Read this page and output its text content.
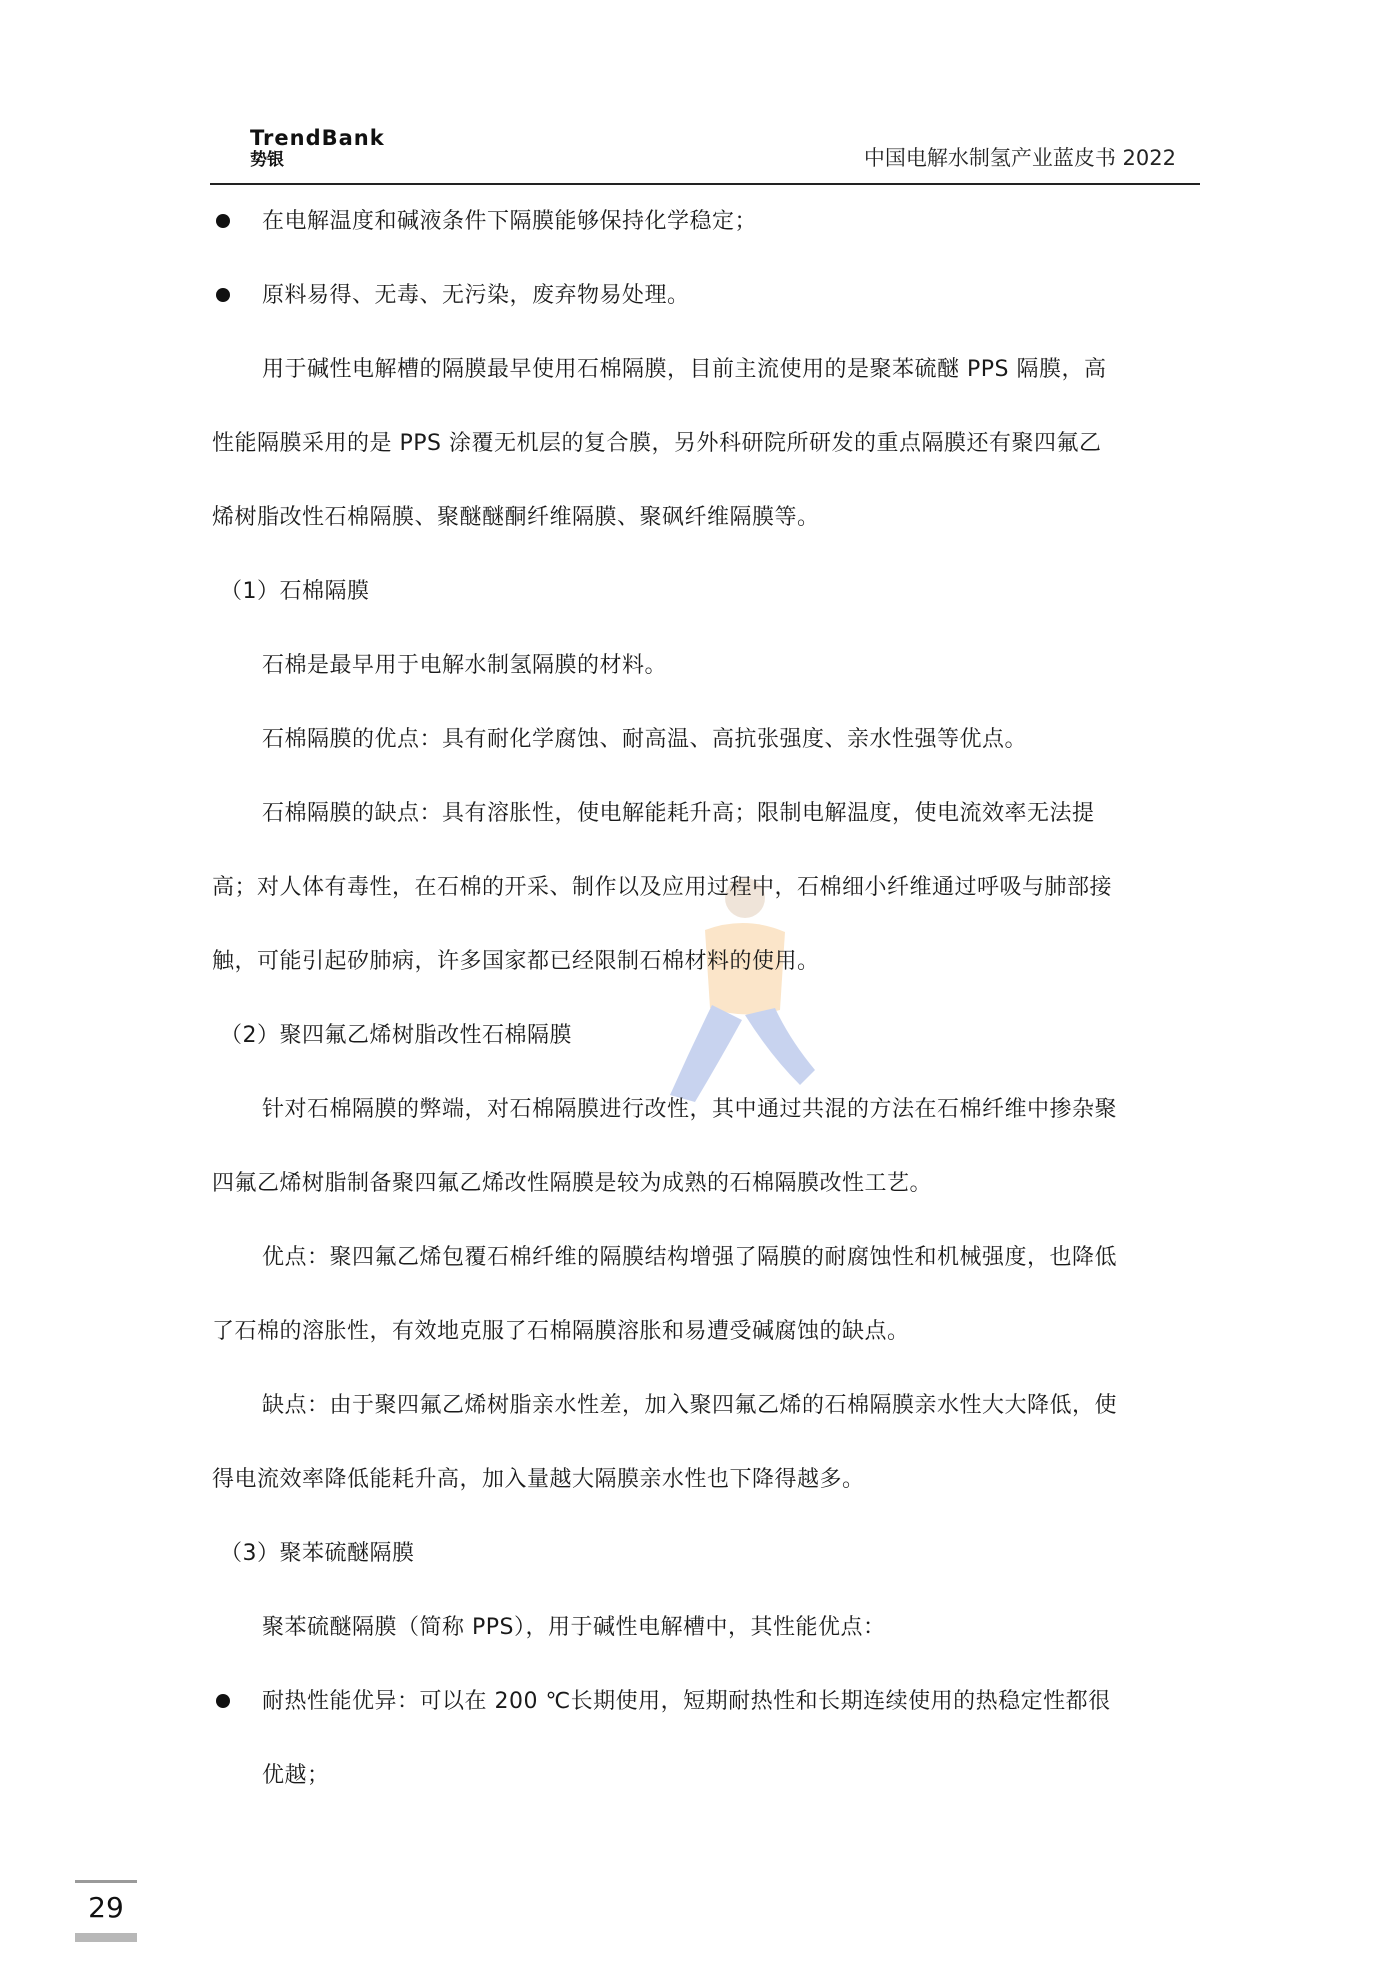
TrendBank
势银	中国电解水制氢产业蓝皮书 2022
在电解温度和碱液条件下隔膜能够保持化学稳定；
原料易得、无毒、无污染，废弃物易处理。
用于碱性电解槽的隔膜最早使用石棉隔膜，目前主流使用的是聚苯硫醚 PPS 隔膜，高
性能隔膜采用的是 PPS 涂覆无机层的复合膜，另外科研院所研发的重点隔膜还有聚四氟乙
烯树脂改性石棉隔膜、聚醚醚酮纤维隔膜、聚砜纤维隔膜等。
（1）石棉隔膜
石棉是最早用于电解水制氢隔膜的材料。
石棉隔膜的优点：具有耐化学腐蚀、耐高温、高抗张强度、亲水性强等优点。
石棉隔膜的缺点：具有溶胀性，使电解能耗升高；限制电解温度，使电流效率无法提
高；对人体有毒性，在石棉的开采、制作以及应用过程中，石棉细小纤维通过呼吸与肺部接
触，可能引起矽肺病，许多国家都已经限制石棉材料的使用。
（2）聚四氟乙烯树脂改性石棉隔膜
针对石棉隔膜的弊端，对石棉隔膜进行改性，其中通过共混的方法在石棉纤维中掺杂聚
四氟乙烯树脂制备聚四氟乙烯改性隔膜是较为成熟的石棉隔膜改性工艺。
优点：聚四氟乙烯包覆石棉纤维的隔膜结构增强了隔膜的耐腐蚀性和机械强度，也降低
了石棉的溶胀性，有效地克服了石棉隔膜溶胀和易遭受碱腐蚀的缺点。
缺点：由于聚四氟乙烯树脂亲水性差，加入聚四氟乙烯的石棉隔膜亲水性大大降低，使
得电流效率降低能耗升高，加入量越大隔膜亲水性也下降得越多。
（3）聚苯硫醚隔膜
聚苯硫醚隔膜（简称 PPS），用于碱性电解槽中，其性能优点：
耐热性能优异：可以在 200 ℃长期使用，短期耐热性和长期连续使用的热稳定性都很
优越；
29
